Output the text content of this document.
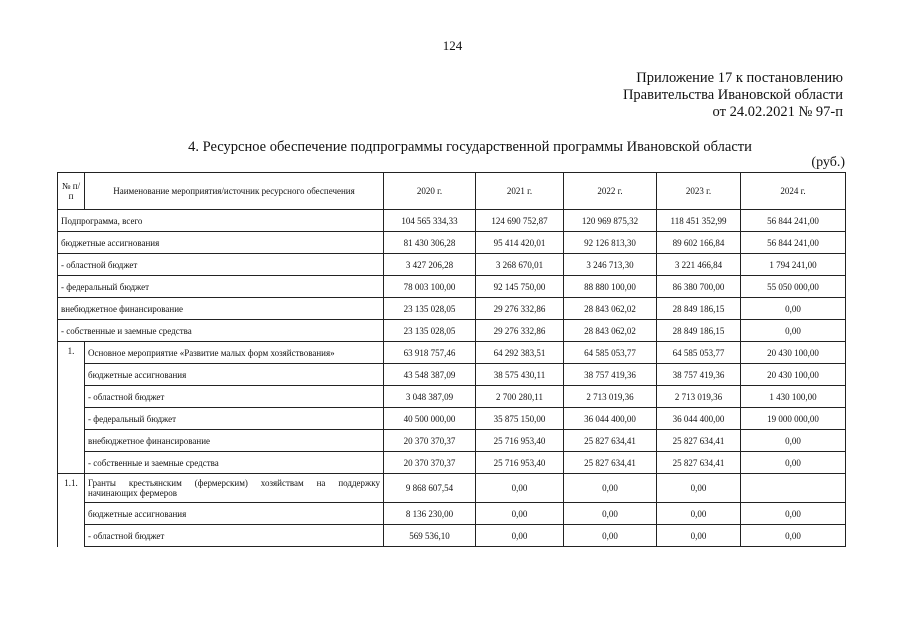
124
Приложение 17 к постановлению
Правительства Ивановской области
от 24.02.2021 № 97-п
4. Ресурсное обеспечение подпрограммы государственной программы Ивановской области
(руб.)
№ п/п	Наименование мероприятия/источник ресурсного обеспечения	2020 г.	2021 г.	2022 г.	2023 г.	2024 г.
Подпрограмма, всего		104 565 334,33	124 690 752,87	120 969 875,32	118 451 352,99	56 844 241,00
бюджетные ассигнования		81 430 306,28	95 414 420,01	92 126 813,30	89 602 166,84	56 844 241,00
- областной бюджет		3 427 206,28	3 268 670,01	3 246 713,30	3 221 466,84	1 794 241,00
- федеральный бюджет		78 003 100,00	92 145 750,00	88 880 100,00	86 380 700,00	55 050 000,00
внебюджетное финансирование		23 135 028,05	29 276 332,86	28 843 062,02	28 849 186,15	0,00
- собственные и заемные средства		23 135 028,05	29 276 332,86	28 843 062,02	28 849 186,15	0,00
1.	Основное мероприятие «Развитие малых форм хозяйствования»	63 918 757,46	64 292 383,51	64 585 053,77	64 585 053,77	20 430 100,00
	бюджетные ассигнования	43 548 387,09	38 575 430,11	38 757 419,36	38 757 419,36	20 430 100,00
	- областной бюджет	3 048 387,09	2 700 280,11	2 713 019,36	2 713 019,36	1 430 100,00
	- федеральный бюджет	40 500 000,00	35 875 150,00	36 044 400,00	36 044 400,00	19 000 000,00
	внебюджетное финансирование	20 370 370,37	25 716 953,40	25 827 634,41	25 827 634,41	0,00
	- собственные и заемные средства	20 370 370,37	25 716 953,40	25 827 634,41	25 827 634,41	0,00
1.1.	Гранты крестьянским (фермерским) хозяйствам на поддержку
начинающих фермеров	9 868 607,54	0,00	0,00	0,00	
	бюджетные ассигнования	8 136 230,00	0,00	0,00	0,00	0,00
	- областной бюджет	569 536,10	0,00	0,00	0,00	0,00
